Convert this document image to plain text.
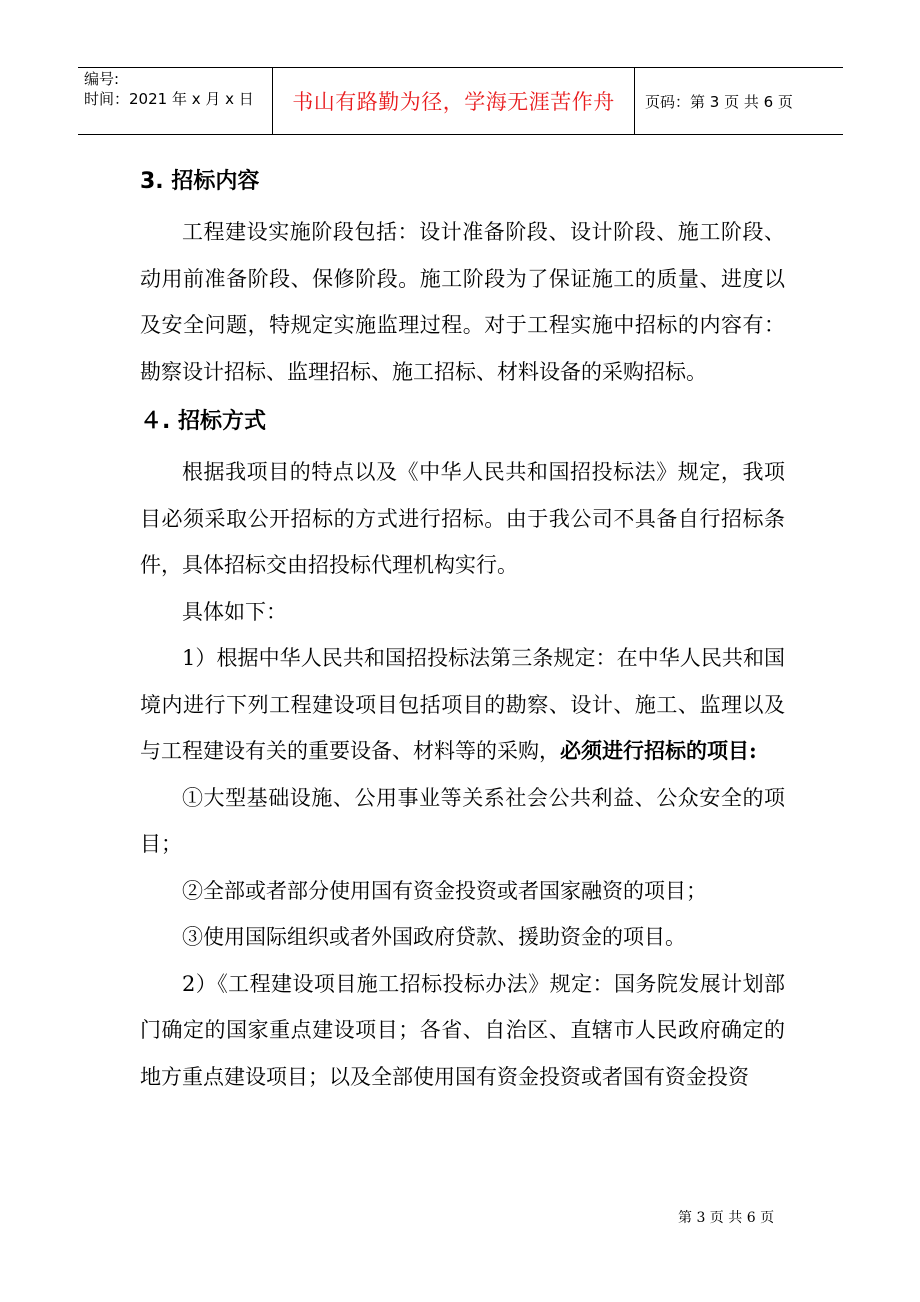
编号:
时间：2021 年 x 月 x 日	书山有路勤为径，学海无涯苦作舟 页码：第 3 页 共 6 页
3. 招标内容

工程建设实施阶段包括：设计准备阶段、设计阶段、施工阶段、动用前准备阶段、保修阶段。施工阶段为了保证施工的质量、进度以及安全问题，特规定实施监理过程。对于工程实施中招标的内容有：勘察设计招标、监理招标、施工招标、材料设备的采购招标。

４. 招标方式

根据我项目的特点以及《中华人民共和国招投标法》规定，我项目必须采取公开招标的方式进行招标。由于我公司不具备自行招标条件，具体招标交由招投标代理机构实行。

具体如下：

1）根据中华人民共和国招投标法第三条规定：在中华人民共和国境内进行下列工程建设项目包括项目的勘察、设计、施工、监理以及与工程建设有关的重要设备、材料等的采购，必须进行招标的项目:

①大型基础设施、公用事业等关系社会公共利益、公众安全的项目；

②全部或者部分使用国有资金投资或者国家融资的项目；

③使用国际组织或者外国政府贷款、援助资金的项目。

2）《工程建设项目施工招标投标办法》规定：国务院发展计划部门确定的国家重点建设项目；各省、自治区、直辖市人民政府确定的地方重点建设项目；以及全部使用国有资金投资或者国有资金投资

第 3 页 共 6 页
